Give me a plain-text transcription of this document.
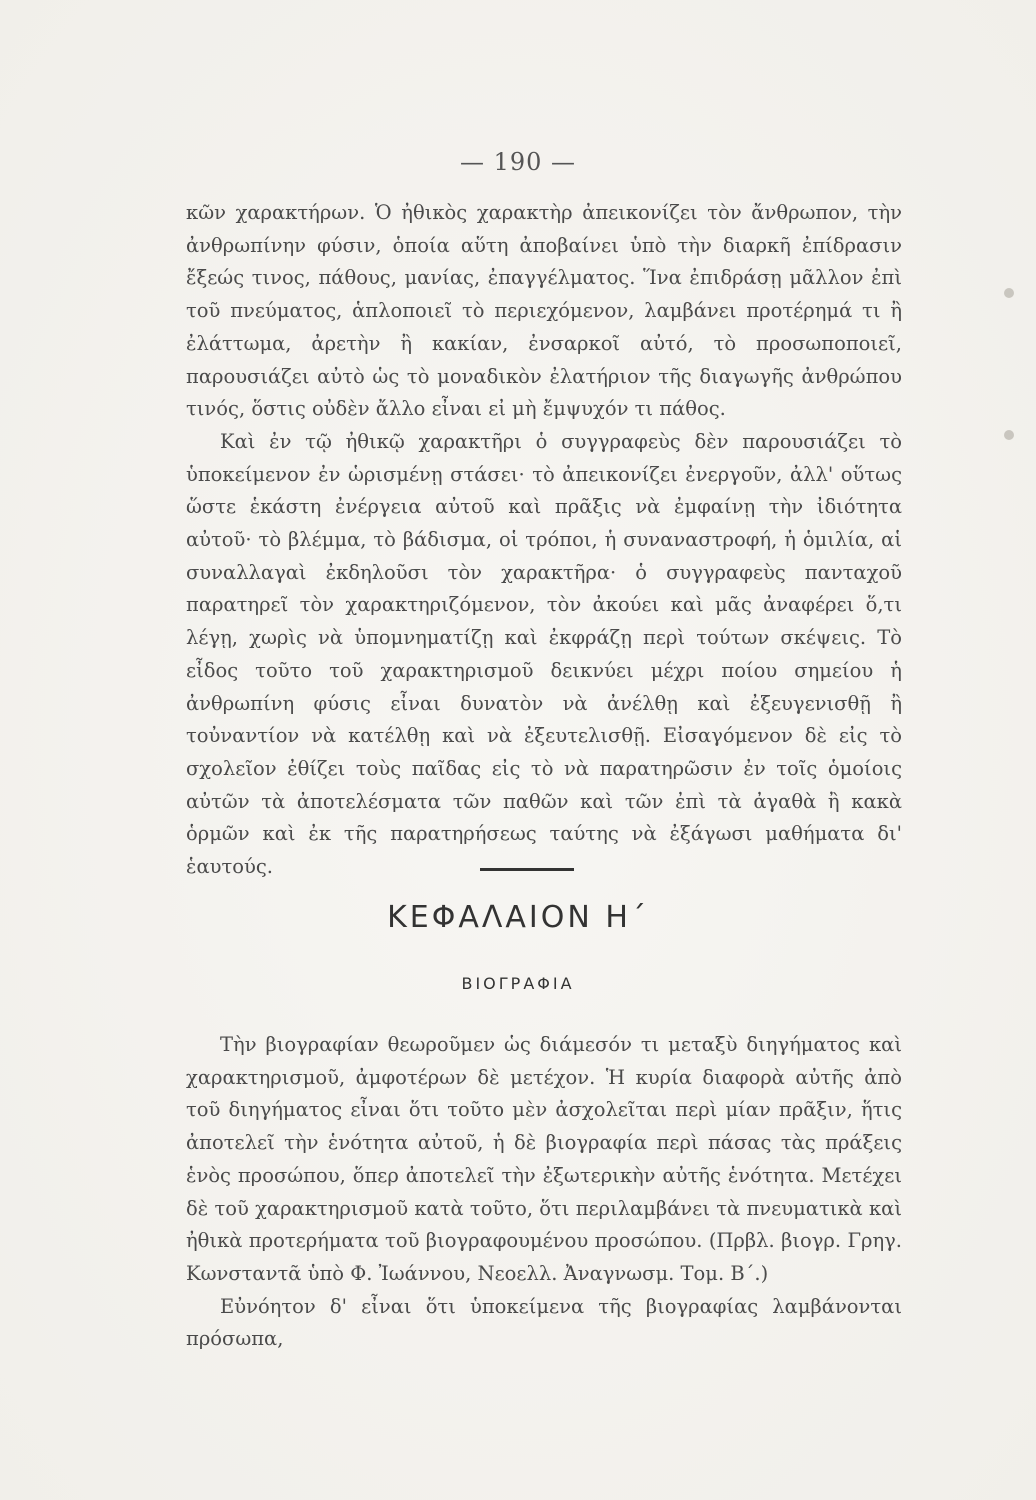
— 190 —

κῶν χαρακτήρων. Ὁ ἠθικὸς χαρακτὴρ ἀπεικονίζει τὸν ἄνθρωπον, τὴν ἀνθρωπίνην φύσιν, ὁποία αὕτη ἀποβαίνει ὑπὸ τὴν διαρκῆ ἐπίδρασιν ἔξεώς τινος, πάθους, μανίας, ἐπαγγέλματος. Ἵνα ἐπιδράσῃ μᾶλλον ἐπὶ τοῦ πνεύματος, ἁπλοποιεῖ τὸ περιεχόμενον, λαμβάνει προτέρημά τι ἢ ἐλάττωμα, ἀρετὴν ἢ κακίαν, ἐνσαρκοῖ αὐτό, τὸ προσωποποιεῖ, παρουσιάζει αὐτὸ ὡς τὸ μοναδικὸν ἐλατήριον τῆς διαγωγῆς ἀνθρώπου τινός, ὅστις οὐδὲν ἄλλο εἶναι εἰ μὴ ἔμψυχόν τι πάθος.

Καὶ ἐν τῷ ἠθικῷ χαρακτῆρι ὁ συγγραφεὺς δὲν παρουσιάζει τὸ ὑποκείμενον ἐν ὡρισμένῃ στάσει· τὸ ἀπεικονίζει ἐνεργοῦν, ἀλλ' οὕτως ὥστε ἑκάστη ἐνέργεια αὐτοῦ καὶ πρᾶξις νὰ ἐμφαίνῃ τὴν ἰδιότητα αὐτοῦ· τὸ βλέμμα, τὸ βάδισμα, οἱ τρόποι, ἡ συναναστροφή, ἡ ὁμιλία, αἱ συναλλαγαὶ ἐκδηλοῦσι τὸν χαρακτῆρα· ὁ συγγραφεὺς πανταχοῦ παρατηρεῖ τὸν χαρακτηριζόμενον, τὸν ἀκούει καὶ μᾶς ἀναφέρει ὅ,τι λέγῃ, χωρὶς νὰ ὑπομνηματίζῃ καὶ ἐκφράζῃ περὶ τούτων σκέψεις. Τὸ εἶδος τοῦτο τοῦ χαρακτηρισμοῦ δεικνύει μέχρι ποίου σημείου ἡ ἀνθρωπίνη φύσις εἶναι δυνατὸν νὰ ἀνέλθῃ καὶ ἐξευγενισθῇ ἢ τοὐναντίον νὰ κατέλθῃ καὶ νὰ ἐξευτελισθῇ. Εἰσαγόμενον δὲ εἰς τὸ σχολεῖον ἐθίζει τοὺς παῖδας εἰς τὸ νὰ παρατηρῶσιν ἐν τοῖς ὁμοίοις αὐτῶν τὰ ἀποτελέσματα τῶν παθῶν καὶ τῶν ἐπὶ τὰ ἀγαθὰ ἢ κακὰ ὁρμῶν καὶ ἐκ τῆς παρατηρήσεως ταύτης νὰ ἐξάγωσι μαθήματα δι' ἑαυτούς.

ΚΕΦΑΛΑΙΟΝ Η΄
ΒΙΟΓΡΑΦΙΑ

Τὴν βιογραφίαν θεωροῦμεν ὡς διάμεσόν τι μεταξὺ διηγήματος καὶ χαρακτηρισμοῦ, ἀμφοτέρων δὲ μετέχον. Ἡ κυρία διαφορὰ αὐτῆς ἀπὸ τοῦ διηγήματος εἶναι ὅτι τοῦτο μὲν ἀσχολεῖται περὶ μίαν πρᾶξιν, ἥτις ἀποτελεῖ τὴν ἑνότητα αὐτοῦ, ἡ δὲ βιογραφία περὶ πάσας τὰς πράξεις ἑνὸς προσώπου, ὅπερ ἀποτελεῖ τὴν ἐξωτερικὴν αὐτῆς ἑνότητα. Μετέχει δὲ τοῦ χαρακτηρισμοῦ κατὰ τοῦτο, ὅτι περιλαμβάνει τὰ πνευματικὰ καὶ ἠθικὰ προτερήματα τοῦ βιογραφουμένου προσώπου. (Πρβλ. βιογρ. Γρηγ. Κωνσταντᾶ ὑπὸ Φ. Ἰωάννου, Νεοελλ. Ἀναγνωσμ. Τομ. Β΄.)

Εὐνόητον δ' εἶναι ὅτι ὑποκείμενα τῆς βιογραφίας λαμβάνονται πρόσωπα,
